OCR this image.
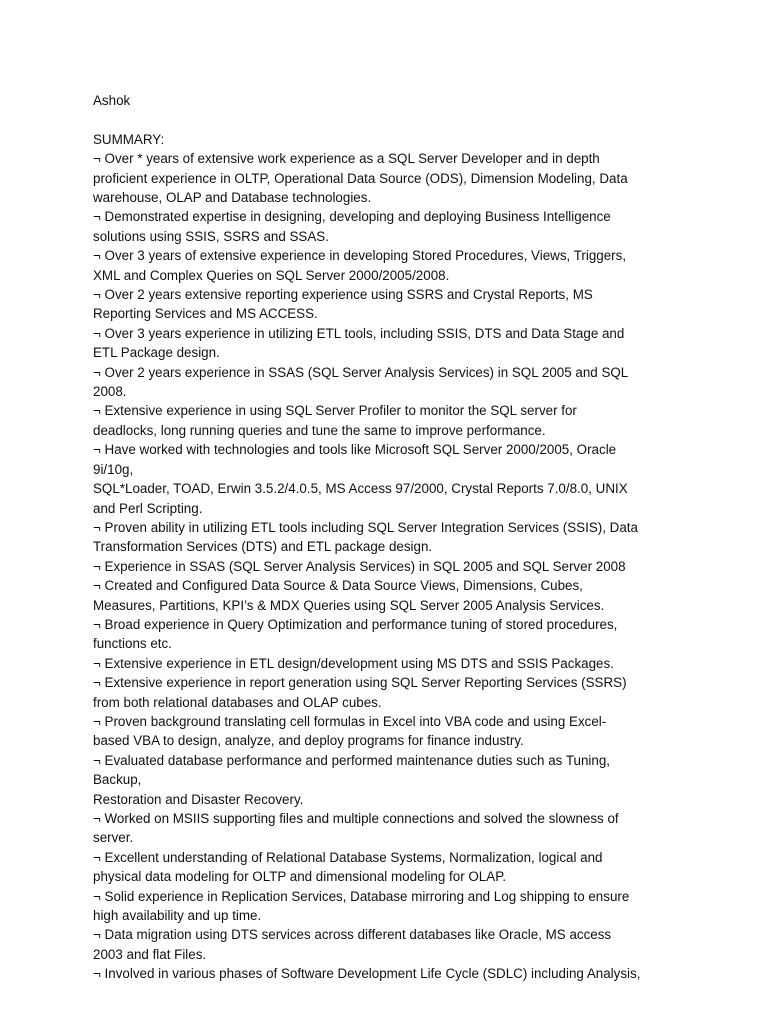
Ashok
SUMMARY:
¬ Over * years of extensive work experience as a SQL Server Developer and in depth
proficient experience in OLTP, Operational Data Source (ODS), Dimension Modeling, Data
warehouse, OLAP and Database technologies.
¬ Demonstrated expertise in designing, developing and deploying Business Intelligence
solutions using SSIS, SSRS and SSAS.
¬ Over 3 years of extensive experience in developing Stored Procedures, Views, Triggers,
XML and Complex Queries on SQL Server 2000/2005/2008.
¬ Over 2 years extensive reporting experience using SSRS and Crystal Reports, MS
Reporting Services and MS ACCESS.
¬ Over 3 years experience in utilizing ETL tools, including SSIS, DTS and Data Stage and
ETL Package design.
¬ Over 2 years experience in SSAS (SQL Server Analysis Services) in SQL 2005 and SQL
2008.
¬ Extensive experience in using SQL Server Profiler to monitor the SQL server for
deadlocks, long running queries and tune the same to improve performance.
¬ Have worked with technologies and tools like Microsoft SQL Server 2000/2005, Oracle
9i/10g,
SQL*Loader, TOAD, Erwin 3.5.2/4.0.5, MS Access 97/2000, Crystal Reports 7.0/8.0, UNIX
and Perl Scripting.
¬ Proven ability in utilizing ETL tools including SQL Server Integration Services (SSIS), Data
Transformation Services (DTS) and ETL package design.
¬ Experience in SSAS (SQL Server Analysis Services) in SQL 2005 and SQL Server 2008
¬ Created and Configured Data Source & Data Source Views, Dimensions, Cubes,
Measures, Partitions, KPI’s & MDX Queries using SQL Server 2005 Analysis Services.
¬ Broad experience in Query Optimization and performance tuning of stored procedures,
functions etc.
¬ Extensive experience in ETL design/development using MS DTS and SSIS Packages.
¬ Extensive experience in report generation using SQL Server Reporting Services (SSRS)
from both relational databases and OLAP cubes.
¬ Proven background translating cell formulas in Excel into VBA code and using Excel-
based VBA to design, analyze, and deploy programs for finance industry.
¬ Evaluated database performance and performed maintenance duties such as Tuning,
Backup,
Restoration and Disaster Recovery.
¬ Worked on MSIIS supporting files and multiple connections and solved the slowness of
server.
¬ Excellent understanding of Relational Database Systems, Normalization, logical and
physical data modeling for OLTP and dimensional modeling for OLAP.
¬ Solid experience in Replication Services, Database mirroring and Log shipping to ensure
high availability and up time.
¬ Data migration using DTS services across different databases like Oracle, MS access
2003 and flat Files.
¬ Involved in various phases of Software Development Life Cycle (SDLC) including Analysis,
